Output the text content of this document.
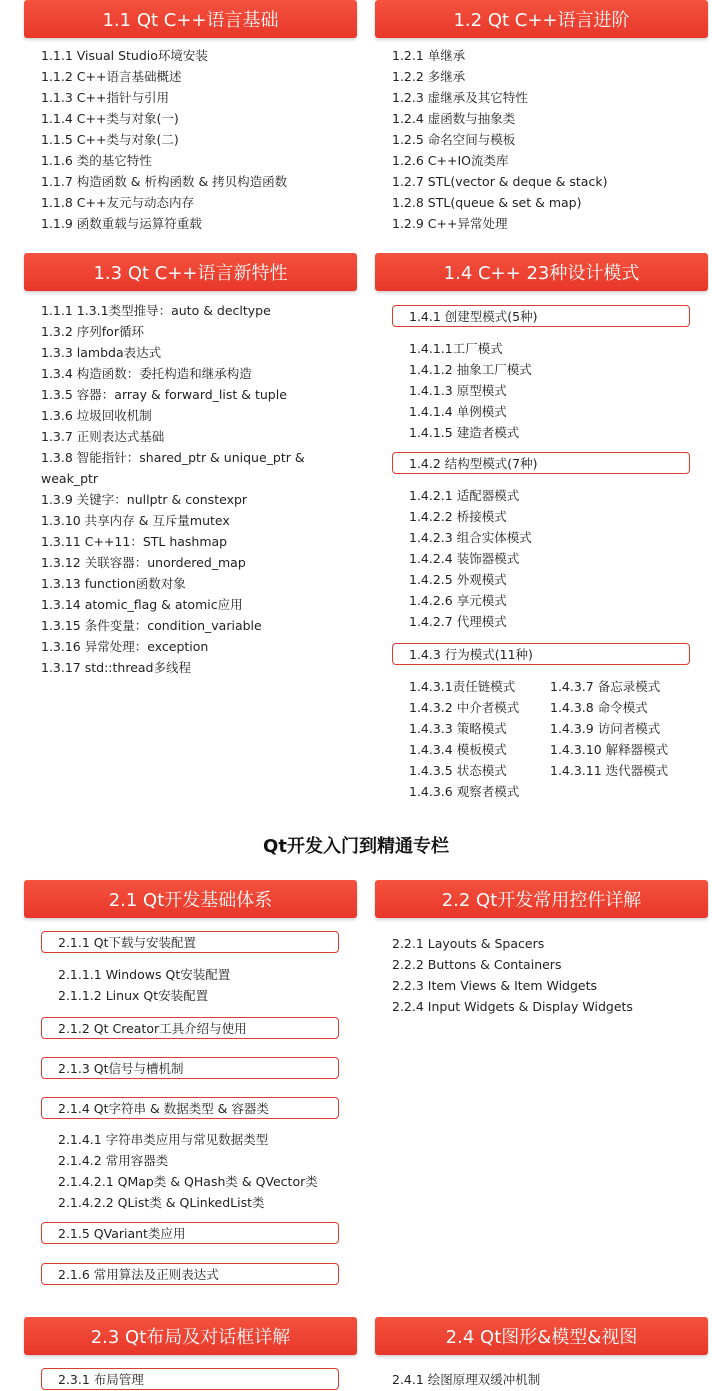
1.1 Qt C++语言基础
1.1.1 Visual Studio环境安装
1.1.2 C++语言基础概述
1.1.3 C++指针与引用
1.1.4 C++类与对象(一)
1.1.5 C++类与对象(二)
1.1.6 类的基它特性
1.1.7 构造函数 & 析构函数 & 拷贝构造函数
1.1.8 C++友元与动态内存
1.1.9 函数重载与运算符重载
1.2 Qt C++语言进阶
1.2.1 单继承
1.2.2 多继承
1.2.3 虚继承及其它特性
1.2.4 虚函数与抽象类
1.2.5 命名空间与模板
1.2.6 C++IO流类库
1.2.7 STL(vector & deque & stack)
1.2.8 STL(queue & set & map)
1.2.9 C++异常处理
1.3 Qt C++语言新特性
1.1.1 1.3.1类型推导：auto & decltype
1.3.2 序列for循环
1.3.3 lambda表达式
1.3.4 构造函数：委托构造和继承构造
1.3.5 容器：array & forward_list & tuple
1.3.6 垃圾回收机制
1.3.7 正则表达式基础
1.3.8 智能指针：shared_ptr & unique_ptr & weak_ptr
1.3.9 关键字：nullptr & constexpr
1.3.10 共享内存 & 互斥量mutex
1.3.11 C++11：STL hashmap
1.3.12 关联容器：unordered_map
1.3.13 function函数对象
1.3.14 atomic_flag & atomic应用
1.3.15 条件变量：condition_variable
1.3.16 异常处理：exception
1.3.17 std::thread多线程
1.4 C++ 23种设计模式
1.4.1 创建型模式(5种)
1.4.1.1工厂模式
1.4.1.2 抽象工厂模式
1.4.1.3 原型模式
1.4.1.4 单例模式
1.4.1.5 建造者模式
1.4.2 结构型模式(7种)
1.4.2.1 适配器模式
1.4.2.2 桥接模式
1.4.2.3 组合实体模式
1.4.2.4 装饰器模式
1.4.2.5 外观模式
1.4.2.6 享元模式
1.4.2.7 代理模式
1.4.3 行为模式(11种)
1.4.3.1责任链模式
1.4.3.2 中介者模式
1.4.3.3 策略模式
1.4.3.4 模板模式
1.4.3.5 状态模式
1.4.3.6 观察者模式
1.4.3.7 备忘录模式
1.4.3.8 命令模式
1.4.3.9 访问者模式
1.4.3.10 解释器模式
1.4.3.11 迭代器模式
Qt开发入门到精通专栏
2.1 Qt开发基础体系
2.1.1 Qt下载与安装配置
2.1.1.1 Windows Qt安装配置
2.1.1.2 Linux Qt安装配置
2.1.2 Qt Creator工具介绍与使用
2.1.3 Qt信号与槽机制
2.1.4 Qt字符串 & 数据类型 & 容器类
2.1.4.1 字符串类应用与常见数据类型
2.1.4.2 常用容器类
2.1.4.2.1 QMap类 & QHash类 & QVector类
2.1.4.2.2 QList类 & QLinkedList类
2.1.5 QVariant类应用
2.1.6 常用算法及正则表达式
2.2 Qt开发常用控件详解
2.2.1 Layouts & Spacers
2.2.2 Buttons & Containers
2.2.3 Item Views & Item Widgets
2.2.4 Input Widgets & Display Widgets
2.3 Qt布局及对话框详解
2.3.1 布局管理
2.4 Qt图形&模型&视图
2.4.1 绘图原理双缓冲机制
